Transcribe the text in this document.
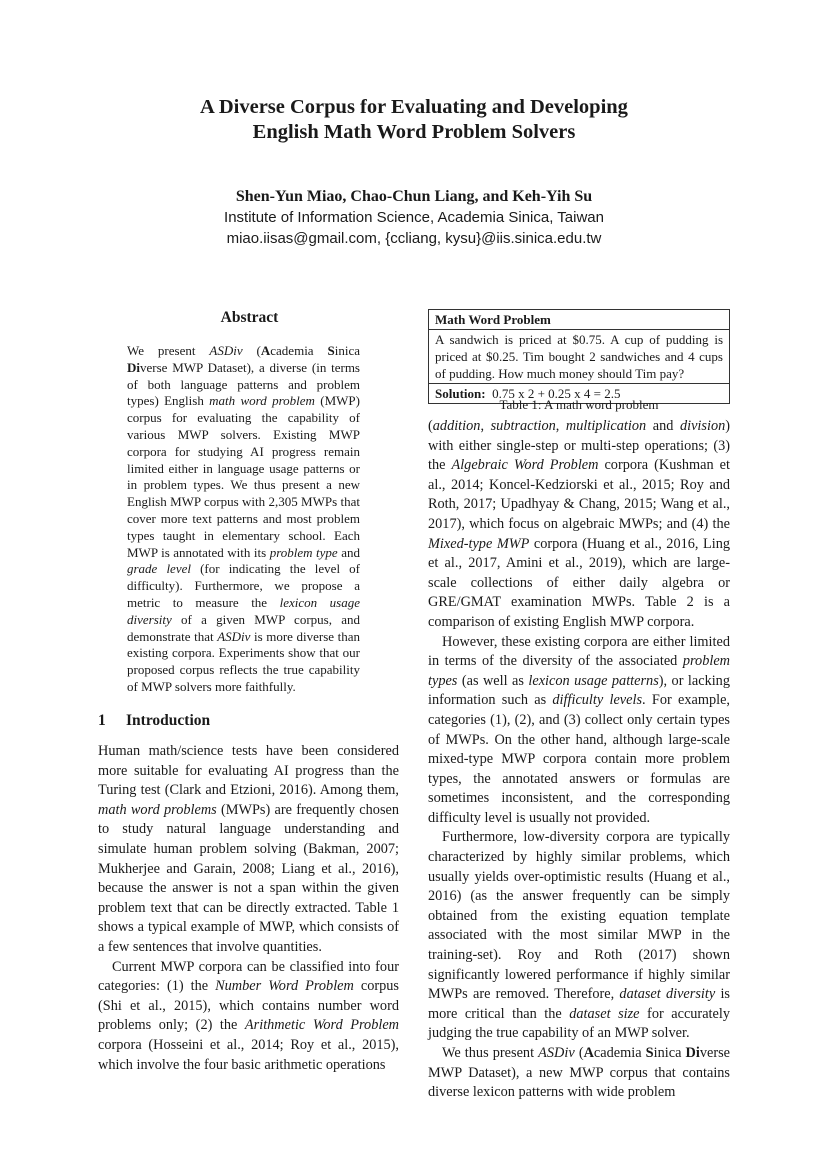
A Diverse Corpus for Evaluating and Developing
English Math Word Problem Solvers
Shen-Yun Miao, Chao-Chun Liang, and Keh-Yih Su
Institute of Information Science, Academia Sinica, Taiwan
miao.iisas@gmail.com, {ccliang, kysu}@iis.sinica.edu.tw
Abstract

We present ASDiv (Academia Sinica Diverse MWP Dataset), a diverse (in terms of both language patterns and problem types) English math word problem (MWP) corpus for evaluating the capability of various MWP solvers. Existing MWP corpora for studying AI progress remain limited either in language usage patterns or in problem types. We thus present a new English MWP corpus with 2,305 MWPs that cover more text patterns and most problem types taught in elementary school. Each MWP is annotated with its problem type and grade level (for indicating the level of difficulty). Furthermore, we propose a metric to measure the lexicon usage diversity of a given MWP corpus, and demonstrate that ASDiv is more diverse than existing corpora. Experiments show that our proposed corpus reflects the true capability of MWP solvers more faithfully.

1 Introduction

Human math/science tests have been considered more suitable for evaluating AI progress than the Turing test (Clark and Etzioni, 2016). Among them, math word problems (MWPs) are frequently chosen to study natural language understanding and simulate human problem solving (Bakman, 2007; Mukherjee and Garain, 2008; Liang et al., 2016), because the answer is not a span within the given problem text that can be directly extracted. Table 1 shows a typical example of MWP, which consists of a few sentences that involve quantities.

Current MWP corpora can be classified into four categories: (1) the Number Word Problem corpus (Shi et al., 2015), which contains number word problems only; (2) the Arithmetic Word Problem corpora (Hosseini et al., 2014; Roy et al., 2015), which involve the four basic arithmetic operations

Math Word Problem
A sandwich is priced at $0.75. A cup of pudding is priced at $0.25. Tim bought 2 sandwiches and 4 cups of pudding. How much money should Tim pay?
Solution: 0.75 x 2 + 0.25 x 4 = 2.5
Table 1: A math word problem

(addition, subtraction, multiplication and division) with either single-step or multi-step operations; (3) the Algebraic Word Problem corpora (Kushman et al., 2014; Koncel-Kedziorski et al., 2015; Roy and Roth, 2017; Upadhyay & Chang, 2015; Wang et al., 2017), which focus on algebraic MWPs; and (4) the Mixed-type MWP corpora (Huang et al., 2016, Ling et al., 2017, Amini et al., 2019), which are large-scale collections of either daily algebra or GRE/GMAT examination MWPs. Table 2 is a comparison of existing English MWP corpora.

However, these existing corpora are either limited in terms of the diversity of the associated problem types (as well as lexicon usage patterns), or lacking information such as difficulty levels. For example, categories (1), (2), and (3) collect only certain types of MWPs. On the other hand, although large-scale mixed-type MWP corpora contain more problem types, the annotated answers or formulas are sometimes inconsistent, and the corresponding difficulty level is usually not provided.

Furthermore, low-diversity corpora are typically characterized by highly similar problems, which usually yields over-optimistic results (Huang et al., 2016) (as the answer frequently can be simply obtained from the existing equation template associated with the most similar MWP in the training-set). Roy and Roth (2017) shown significantly lowered performance if highly similar MWPs are removed. Therefore, dataset diversity is more critical than the dataset size for accurately judging the true capability of an MWP solver.

We thus present ASDiv (Academia Sinica Diverse MWP Dataset), a new MWP corpus that contains diverse lexicon patterns with wide problem
